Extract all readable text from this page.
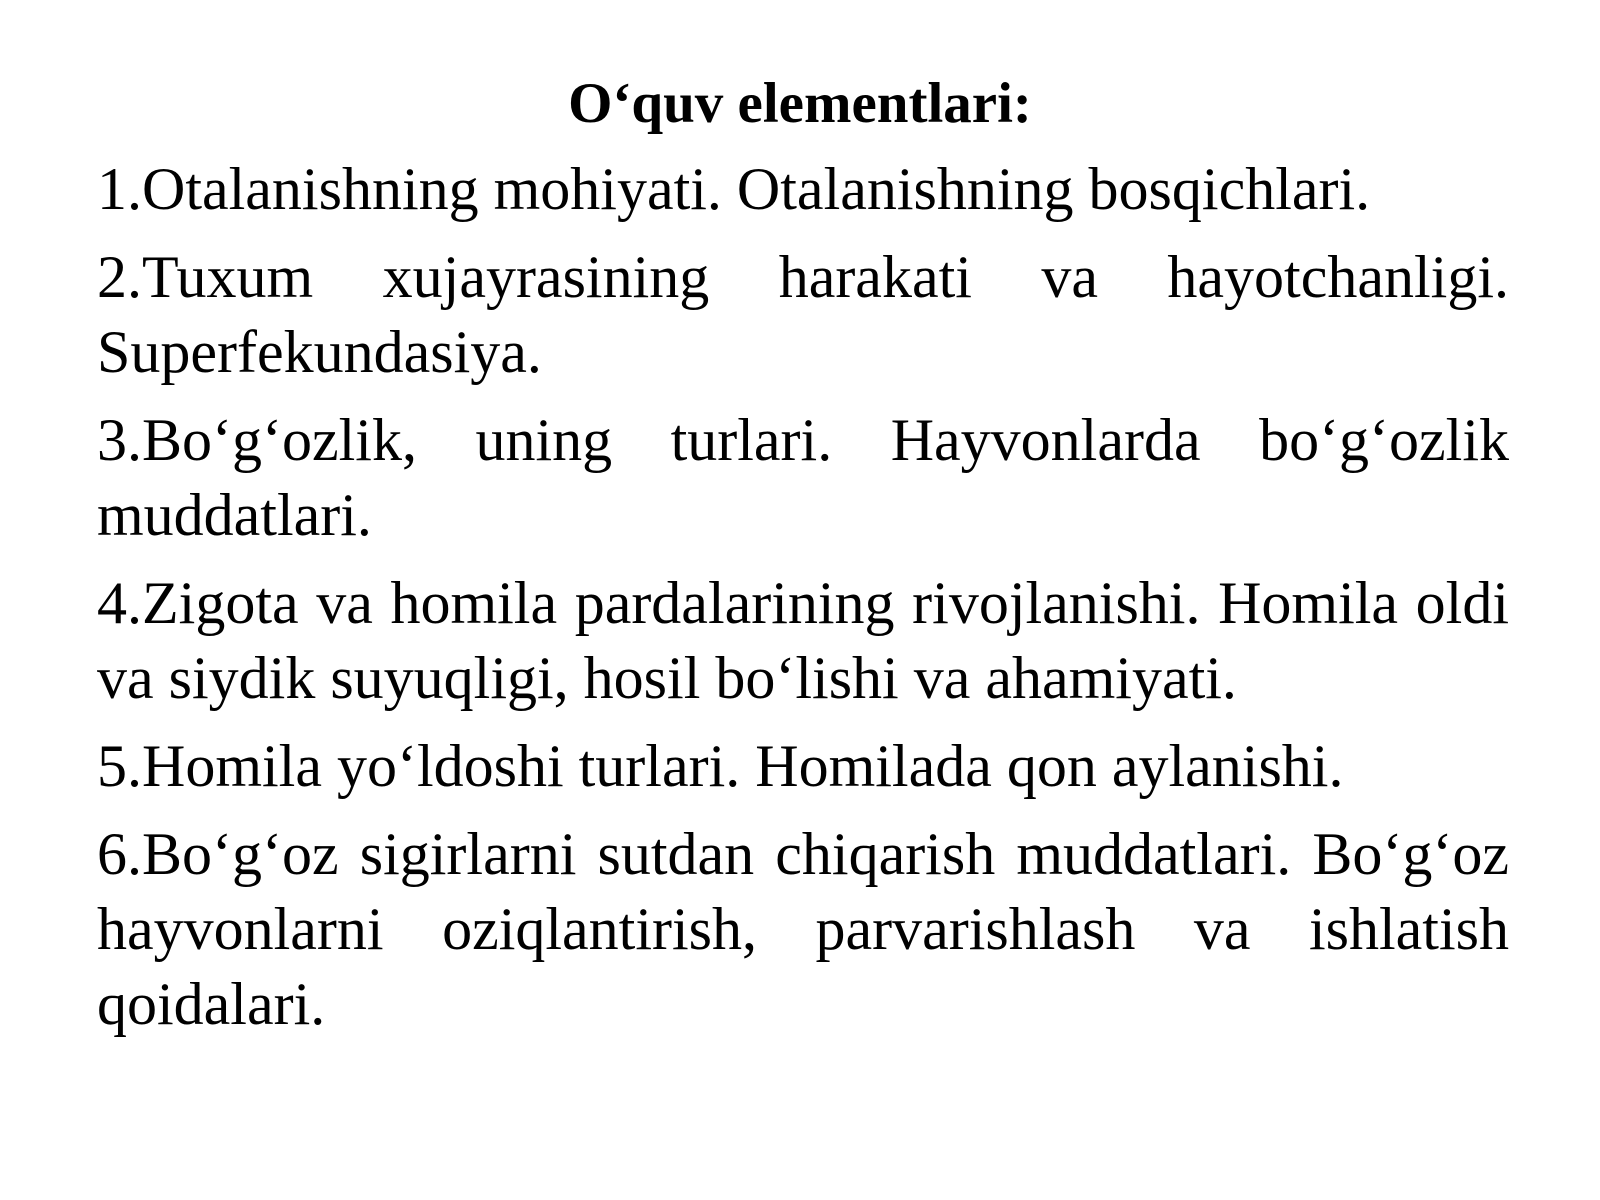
O‘quv elementlari:
1.Otalanishning mohiyati. Otalanishning bosqichlari.
2.Tuxum xujayrasining harakati va hayotchanligi. Superfekundasiya.
3.Bo‘g‘ozlik, uning turlari. Hayvonlarda bo‘g‘ozlik muddatlari.
4.Zigota va homila pardalarining rivojlanishi. Homila oldi va siydik suyuqligi, hosil bo‘lishi va ahamiyati.
5.Homila yo‘ldoshi turlari. Homilada qon aylanishi.
6.Bo‘g‘oz sigirlarni sutdan chiqarish muddatlari. Bo‘g‘oz hayvonlarni oziqlantirish, parvarishlash va ishlatish qoidalari.
